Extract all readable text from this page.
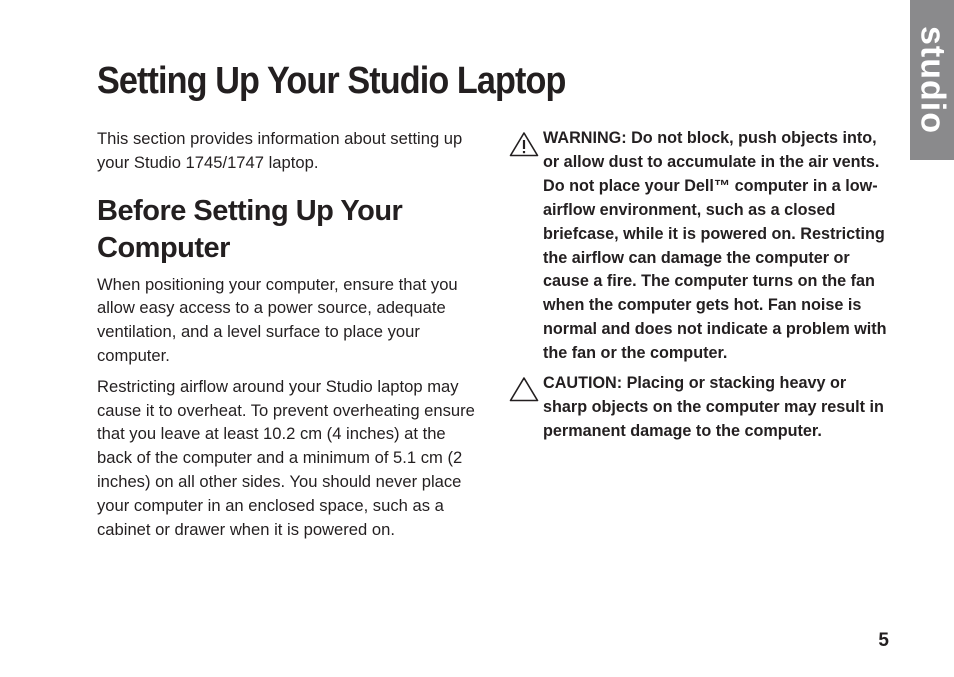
studio
Setting Up Your Studio Laptop

This section provides information about setting up your Studio 1745/1747 laptop.

Before Setting Up Your Computer

When positioning your computer, ensure that you allow easy access to a power source, adequate ventilation, and a level surface to place your computer.

Restricting airflow around your Studio laptop may cause it to overheat. To prevent overheating ensure that you leave at least 10.2 cm (4 inches) at the back of the computer and a minimum of 5.1 cm (2 inches) on all other sides. You should never place your computer in an enclosed space, such as a cabinet or drawer when it is powered on.

WARNING: Do not block, push objects into, or allow dust to accumulate in the air vents. Do not place your Dell™ computer in a low-airflow environment, such as a closed briefcase, while it is powered on. Restricting the airflow can damage the computer or cause a fire. The computer turns on the fan when the computer gets hot. Fan noise is normal and does not indicate a problem with the fan or the computer.

CAUTION: Placing or stacking heavy or sharp objects on the computer may result in permanent damage to the computer.

5
